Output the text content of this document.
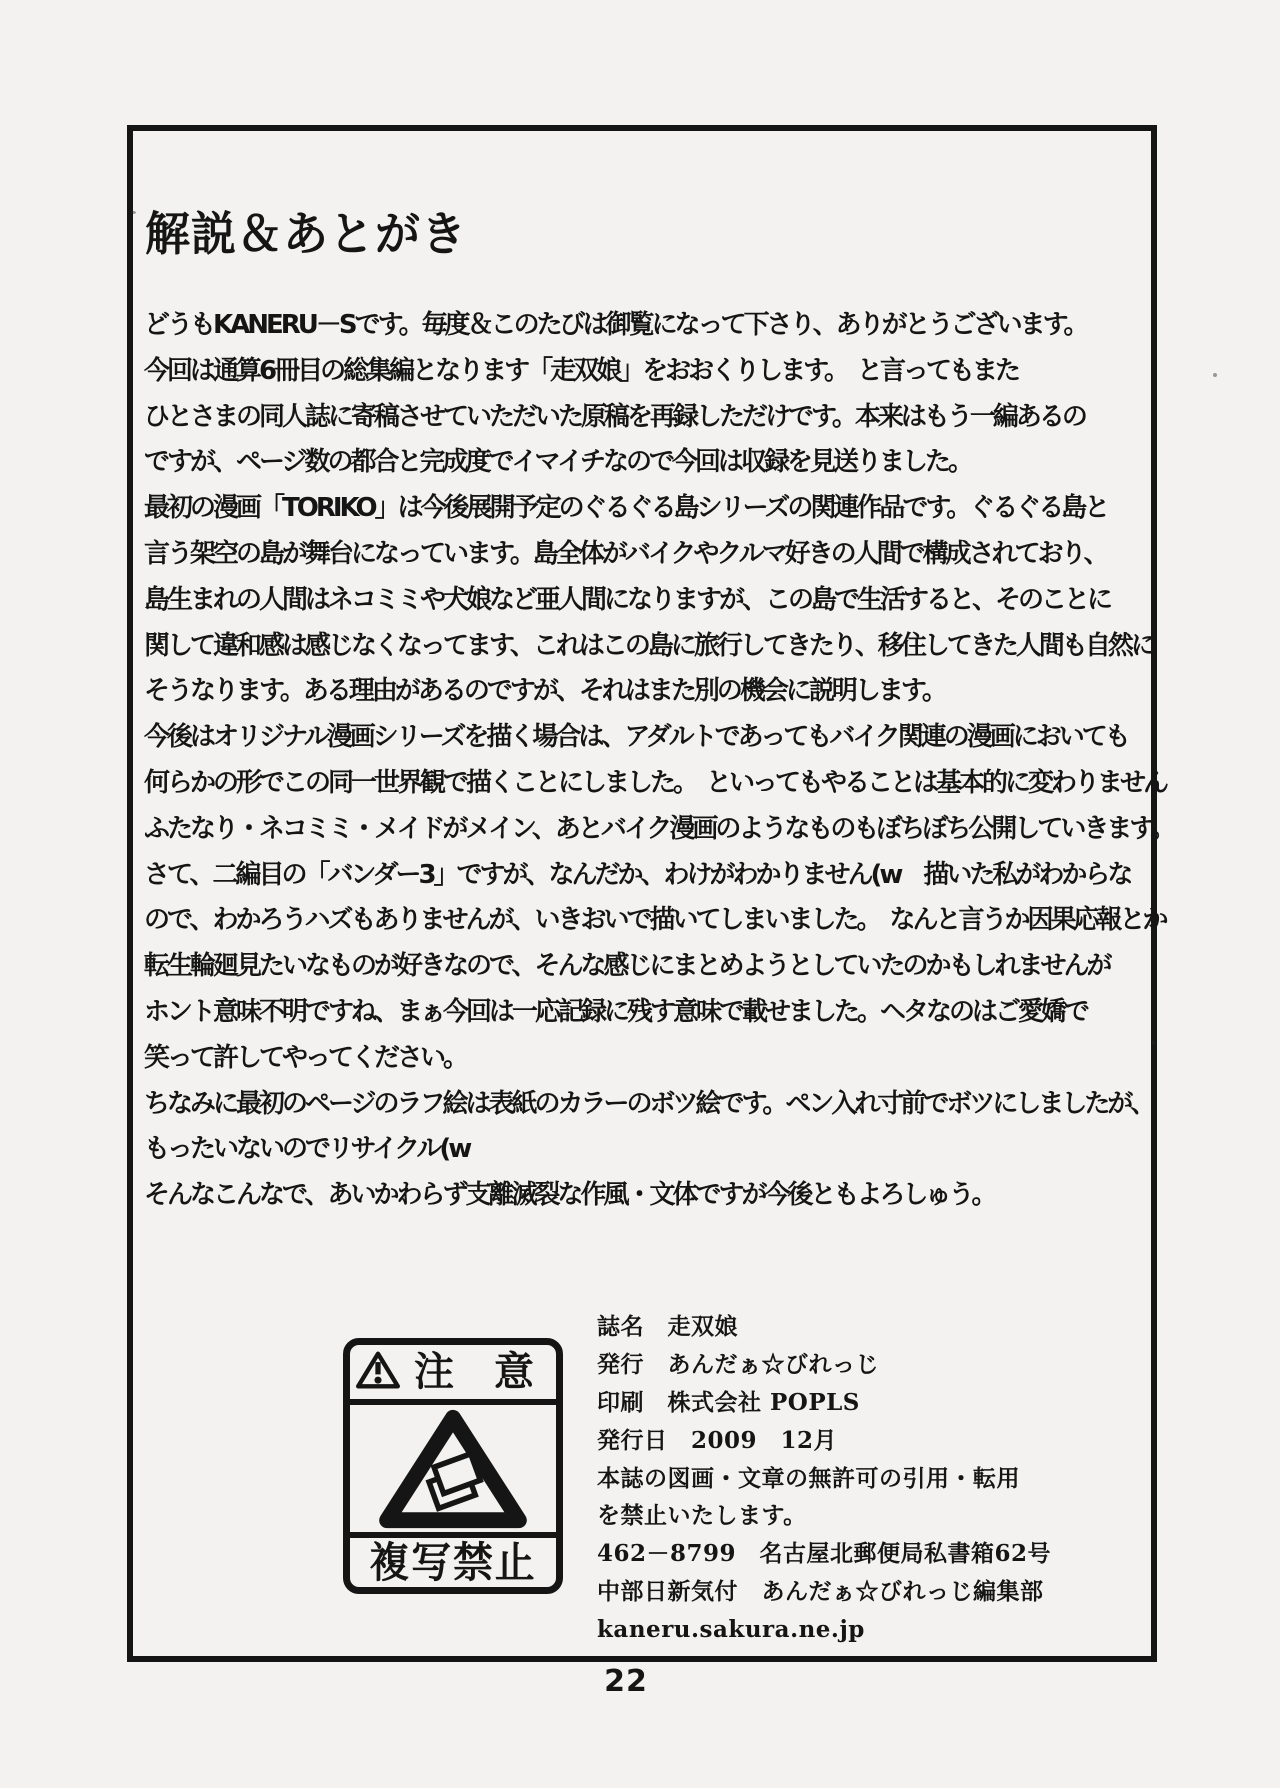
解説＆あとがき
どうもKANERU－Sです。毎度＆このたびは御覧になって下さり、ありがとうございます。
今回は通算6冊目の総集編となります「走双娘」をおおくりします。　と言ってもまた
ひとさまの同人誌に寄稿させていただいた原稿を再録しただけです。本来はもう一編あるの
ですが、ページ数の都合と完成度でイマイチなので今回は収録を見送りました。
最初の漫画「TORIKO」は今後展開予定のぐるぐる島シリーズの関連作品です。ぐるぐる島と
言う架空の島が舞台になっています。島全体がバイクやクルマ好きの人間で構成されており、
島生まれの人間はネコミミや犬娘など亜人間になりますが、この島で生活すると、そのことに
関して違和感は感じなくなってます、これはこの島に旅行してきたり、移住してきた人間も自然に
そうなります。ある理由があるのですが、それはまた別の機会に説明します。
今後はオリジナル漫画シリーズを描く場合は、アダルトであってもバイク関連の漫画においても
何らかの形でこの同一世界観で描くことにしました。　といってもやることは基本的に変わりません
ふたなり・ネコミミ・メイドがメイン、あとバイク漫画のようなものもぼちぼち公開していきます。
さて、二編目の「バンダー3」ですが、なんだか、わけがわかりません(w　描いた私がわからな
ので、わかろうハズもありませんが、いきおいで描いてしまいました。　なんと言うか因果応報とか
転生輪廻見たいなものが好きなので、そんな感じにまとめようとしていたのかもしれませんが
ホント意味不明ですね、まぁ今回は一応記録に残す意味で載せました。ヘタなのはご愛嬌で
笑って許してやってください。
ちなみに最初のページのラフ絵は表紙のカラーのボツ絵です。ペン入れ寸前でボツにしましたが、
もったいないのでリサイクル(w
そんなこんなで、あいかわらず支離滅裂な作風・文体ですが今後ともよろしゅう。
注　意
複写禁止
誌名　走双娘
発行　あんだぁ☆びれっじ
印刷　株式会社 POPLS
発行日　2009　12月
本誌の図画・文章の無許可の引用・転用
を禁止いたします。
462－8799　名古屋北郵便局私書箱62号
中部日新気付　あんだぁ☆びれっじ編集部
kaneru.sakura.ne.jp
22
